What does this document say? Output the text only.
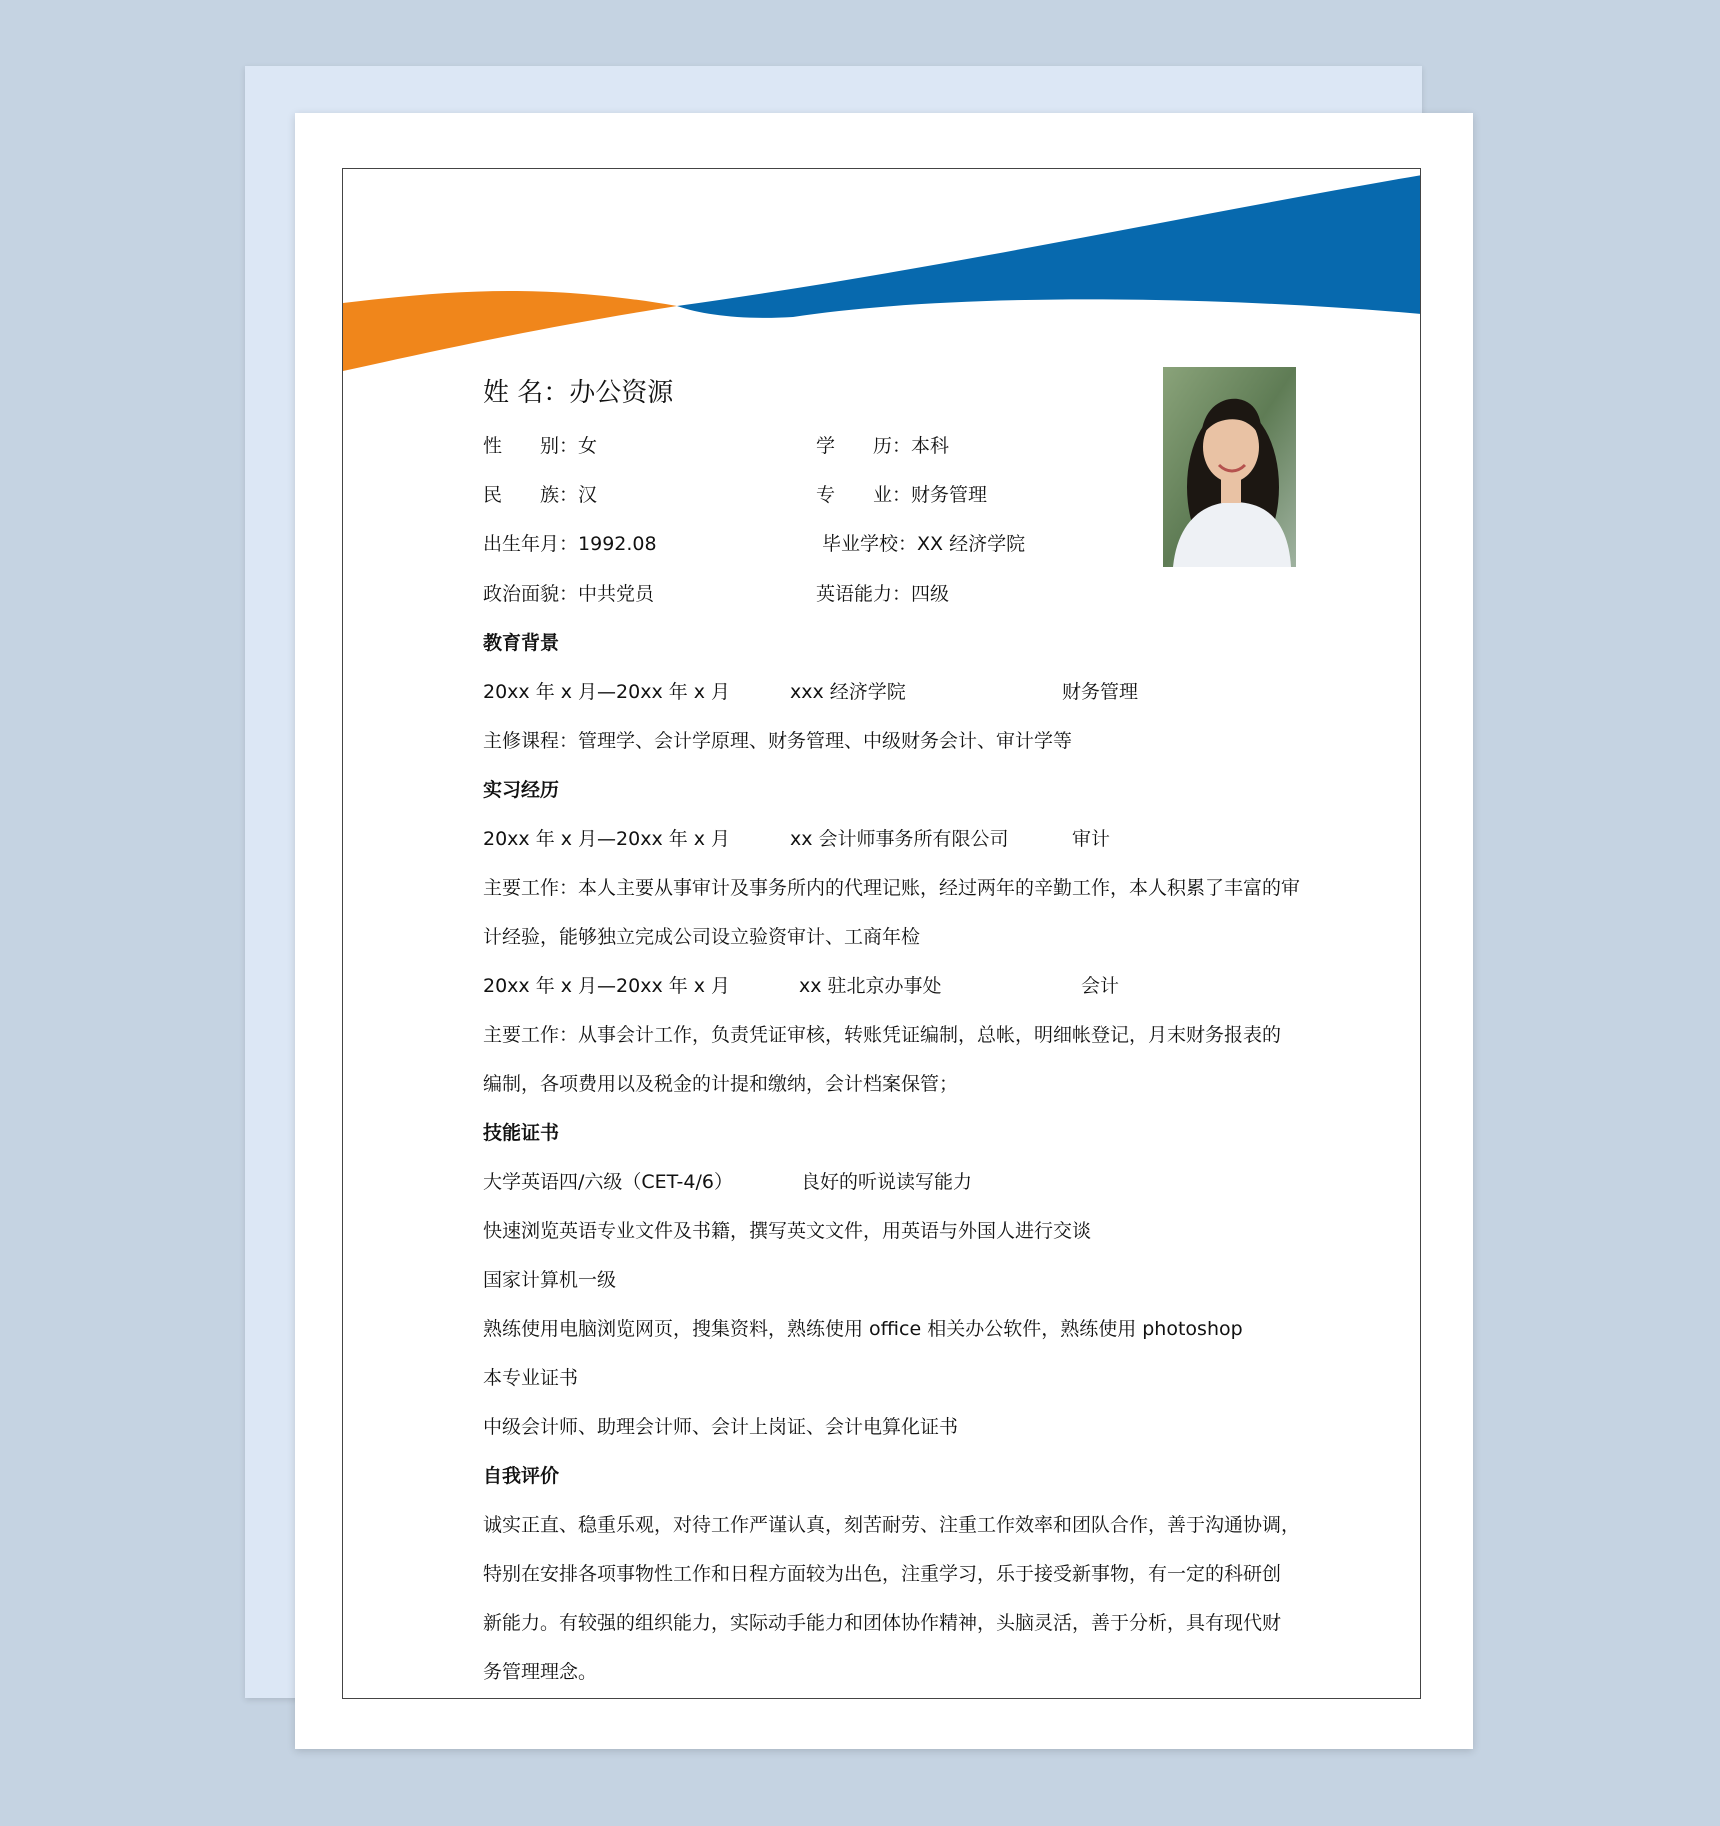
姓 名：办公资源
性　　别：女	学　　历：本科
民　　族：汉	专　　业：财务管理
出生年月：1992.08	毕业学校：XX 经济学院
政治面貌：中共党员	英语能力：四级
教育背景
20xx 年 x 月—20xx 年 x 月	xxx 经济学院	财务管理
主修课程：管理学、会计学原理、财务管理、中级财务会计、审计学等
实习经历
20xx 年 x 月—20xx 年 x 月	xx 会计师事务所有限公司	审计
主要工作：本人主要从事审计及事务所内的代理记账，经过两年的辛勤工作，本人积累了丰富的审
计经验，能够独立完成公司设立验资审计、工商年检
20xx 年 x 月—20xx 年 x 月	xx 驻北京办事处	会计
主要工作：从事会计工作，负责凭证审核，转账凭证编制，总帐，明细帐登记，月末财务报表的
编制，各项费用以及税金的计提和缴纳，会计档案保管；
技能证书
大学英语四/六级（CET-4/6）	良好的听说读写能力
快速浏览英语专业文件及书籍，撰写英文文件，用英语与外国人进行交谈
国家计算机一级
熟练使用电脑浏览网页，搜集资料，熟练使用 office 相关办公软件，熟练使用 photoshop
本专业证书
中级会计师、助理会计师、会计上岗证、会计电算化证书
自我评价
诚实正直、稳重乐观，对待工作严谨认真，刻苦耐劳、注重工作效率和团队合作，善于沟通协调，
特别在安排各项事物性工作和日程方面较为出色，注重学习，乐于接受新事物，有一定的科研创
新能力。有较强的组织能力，实际动手能力和团体协作精神，头脑灵活，善于分析，具有现代财
务管理理念。
